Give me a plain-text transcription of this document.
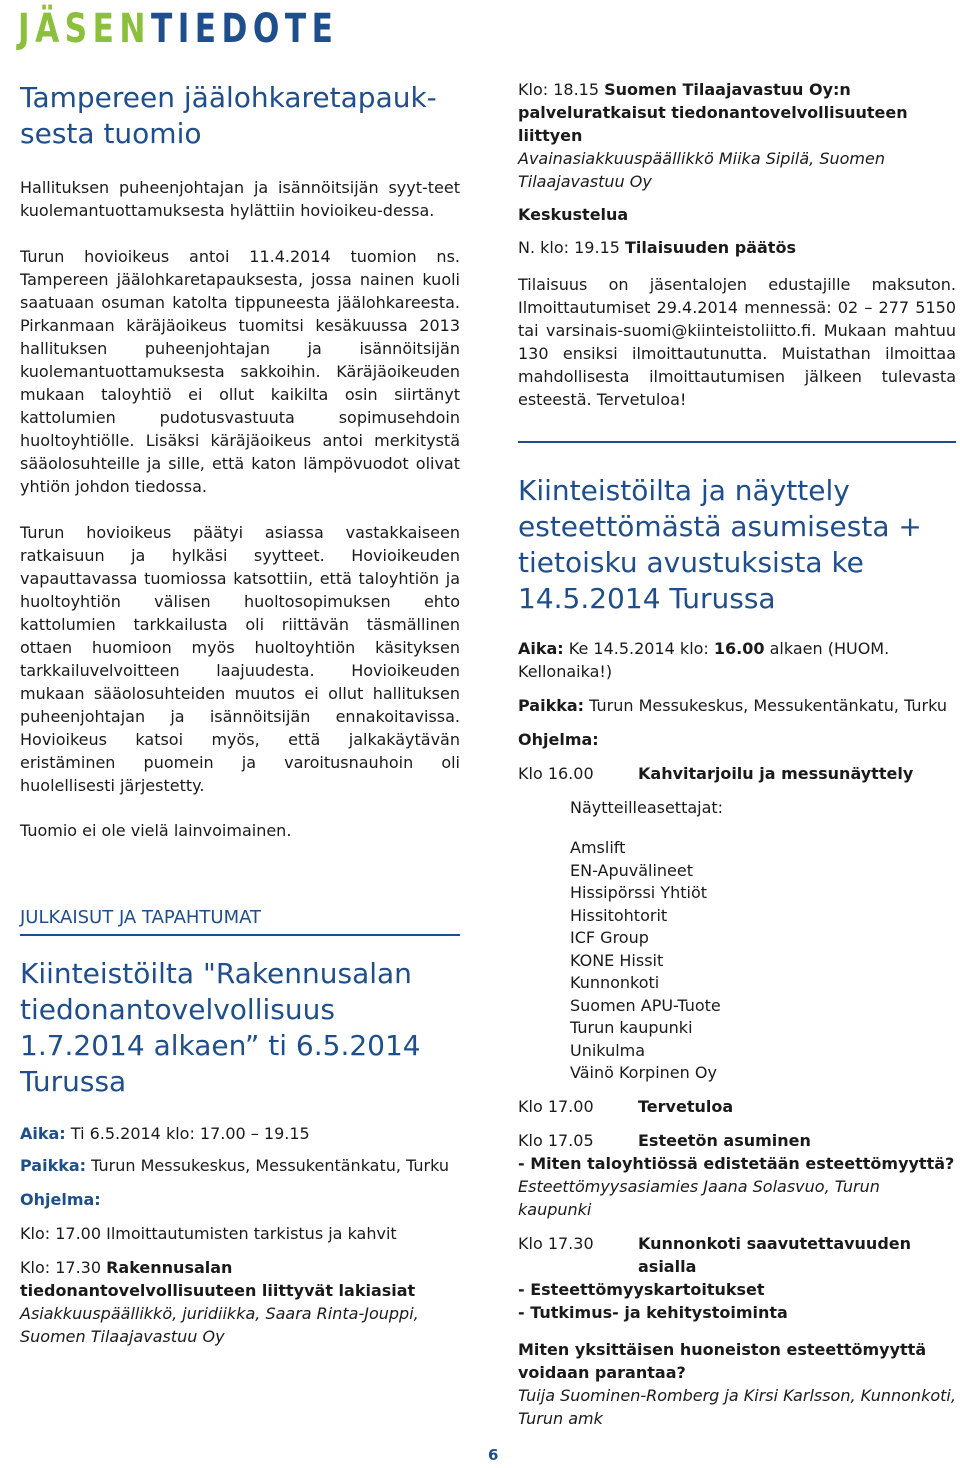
JÄSENTIEDOTE
Tampereen jäälohkaretapauk-sesta tuomio

Hallituksen puheenjohtajan ja isännöitsijän syyt-teet kuolemantuottamuksesta hylättiin hovioikeu-dessa.

Turun hovioikeus antoi 11.4.2014 tuomion ns. Tampereen jäälohkaretapauksesta, jossa nainen kuoli saatuaan osuman katolta tippuneesta jäälohkareesta. Pirkanmaan käräjäoikeus tuomitsi kesäkuussa 2013 hallituksen puheenjohtajan ja isännöitsijän kuolemantuottamuksesta sakkoihin. Käräjäoikeuden mukaan taloyhtiö ei ollut kaikilta osin siirtänyt kattolumien pudotusvastuuta sopimusehdoin huoltoyhtiölle. Lisäksi käräjäoikeus antoi merkitystä sääolosuhteille ja sille, että katon lämpövuodot olivat yhtiön johdon tiedossa.

Turun hovioikeus päätyi asiassa vastakkaiseen ratkaisuun ja hylkäsi syytteet. Hovioikeuden vapauttavassa tuomiossa katsottiin, että taloyhtiön ja huoltoyhtiön välisen huoltosopimuksen ehto kattolumien tarkkailusta oli riittävän täsmällinen ottaen huomioon myös huoltoyhtiön käsityksen tarkkailuvelvoitteen laajuudesta. Hovioikeuden mukaan sääolosuhteiden muutos ei ollut hallituksen puheenjohtajan ja isännöitsijän ennakoitavissa. Hovioikeus katsoi myös, että jalkakäytävän eristäminen puomein ja varoitusnauhoin oli huolellisesti järjestetty.

Tuomio ei ole vielä lainvoimainen.

JULKAISUT JA TAPAHTUMAT
Kiinteistöilta "Rakennusalan tiedonantovelvollisuus 1.7.2014 alkaen” ti 6.5.2014 Turussa

Aika: Ti 6.5.2014 klo: 17.00 – 19.15

Paikka: Turun Messukeskus, Messukentänkatu, Turku

Ohjelma:

Klo: 17.00 Ilmoittautumisten tarkistus ja kahvit

Klo: 17.30 Rakennusalan tiedonantovelvollisuuteen liittyvät lakiasiat

Asiakkuuspäällikkö, juridiikka, Saara Rinta-Jouppi, Suomen Tilaajavastuu Oy

Klo: 18.15 Suomen Tilaajavastuu Oy:n palveluratkaisut tiedonantovelvollisuuteen liittyen

Avainasiakkuuspäällikkö Miika Sipilä, Suomen Tilaajavastuu Oy

Keskustelua

N. klo: 19.15 Tilaisuuden päätös

Tilaisuus on jäsentalojen edustajille maksuton. Ilmoittautumiset 29.4.2014 mennessä: 02 – 277 5150 tai varsinais-suomi@kiinteistoliitto.fi. Mukaan mahtuu 130 ensiksi ilmoittautunutta. Muistathan ilmoittaa mahdollisesta ilmoittautumisen jälkeen tulevasta esteestä. Tervetuloa!

Kiinteistöilta ja näyttely esteettömästä asumisesta + tietoisku avustuksista ke 14.5.2014 Turussa

Aika: Ke 14.5.2014 klo: 16.00 alkaen (HUOM. Kellonaika!)

Paikka: Turun Messukeskus, Messukentänkatu, Turku

Ohjelma:

Klo 16.00	Kahvitarjoilu ja messunäyttely

Näytteilleasettajat:

Amslift
EN-Apuvälineet
Hissipörssi Yhtiöt
Hissitohtorit
ICF Group
KONE Hissit
Kunnonkoti
Suomen APU-Tuote
Turun kaupunki
Unikulma
Väinö Korpinen Oy
Klo 17.00	Tervetuloa
Klo 17.05	Esteetön asuminen

- Miten taloyhtiössä edistetään esteettömyyttä?

Esteettömyysasiamies Jaana Solasvuo, Turun kaupunki

Klo 17.30	Kunnonkoti saavutettavuuden asialla

- Esteettömyyskartoitukset

- Tutkimus- ja kehitystoiminta

Miten yksittäisen huoneiston esteettömyyttä voidaan parantaa?

Tuija Suominen-Romberg ja Kirsi Karlsson, Kunnonkoti, Turun amk

6
